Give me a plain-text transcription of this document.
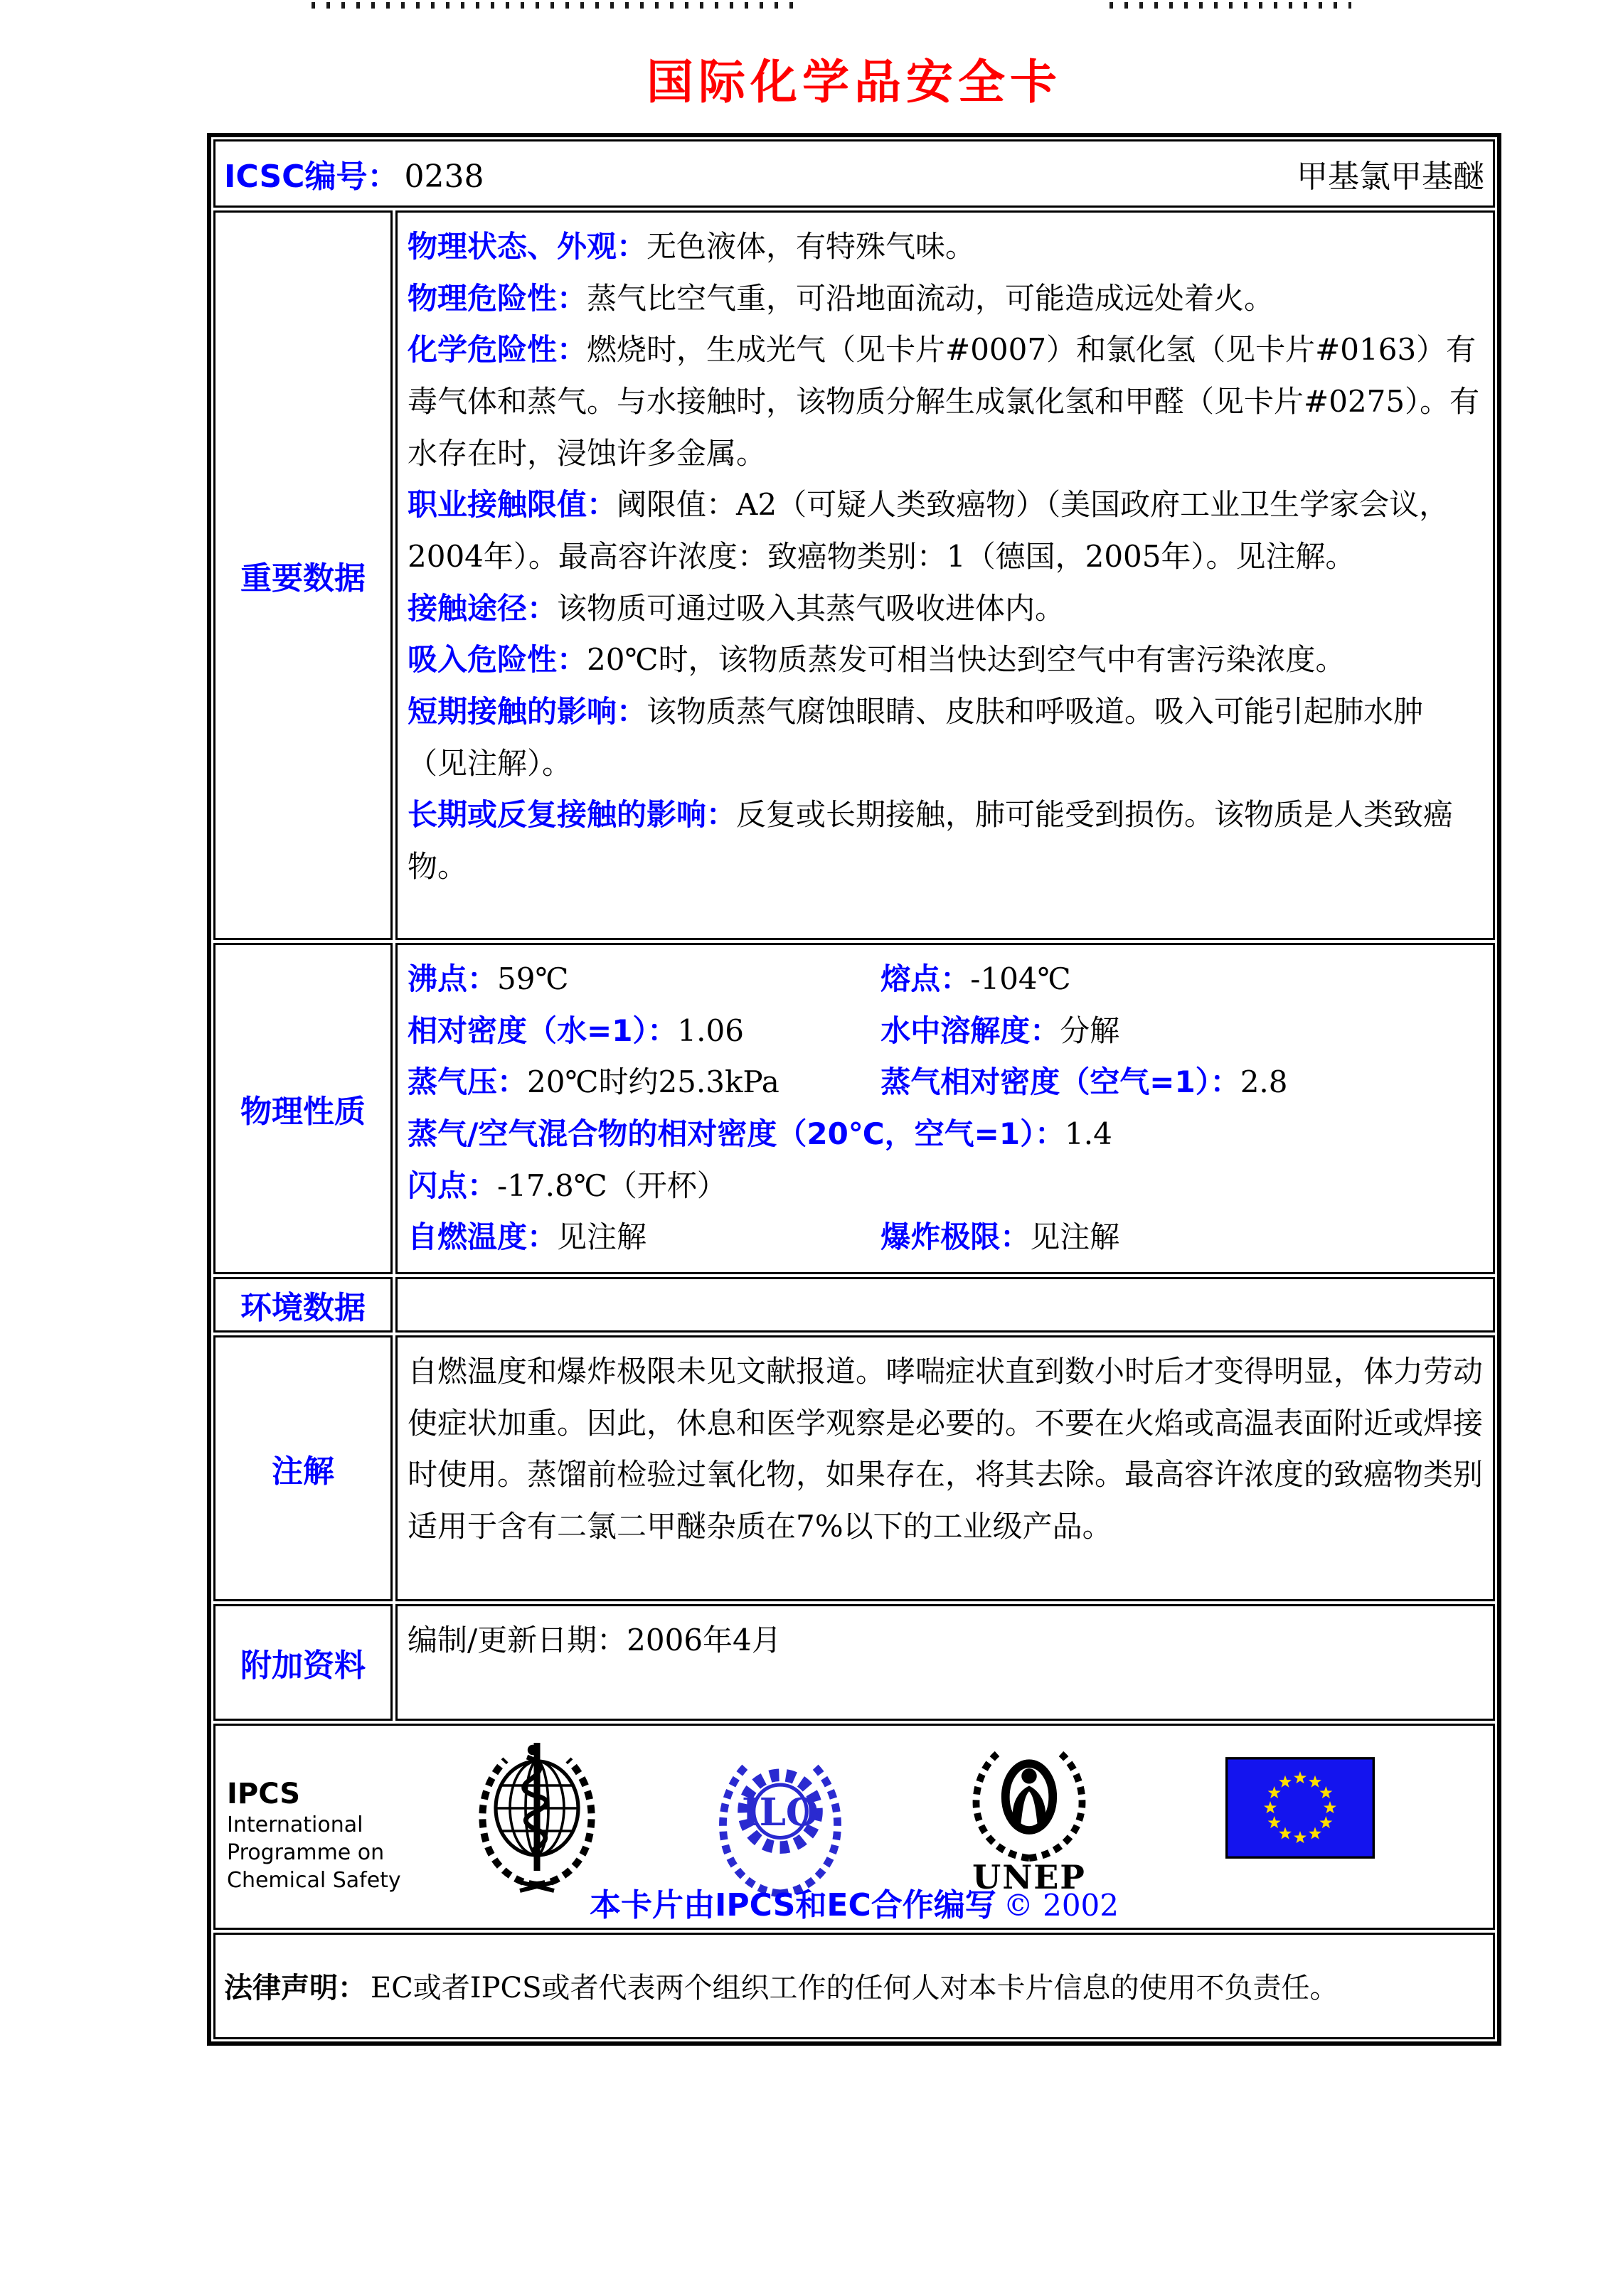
国际化学品安全卡
ICSC编号： 0238	甲基氯甲基醚
重要数据
物理状态、外观：无色液体，有特殊气味。
物理危险性：蒸气比空气重，可沿地面流动，可能造成远处着火。
化学危险性：燃烧时，生成光气（见卡片#0007）和氯化氢（见卡片#0163）有毒气体和蒸气。与水接触时，该物质分解生成氯化氢和甲醛（见卡片#0275）。有水存在时，浸蚀许多金属。
职业接触限值：阈限值：A2（可疑人类致癌物）（美国政府工业卫生学家会议，2004年）。最高容许浓度：致癌物类别：1（德国，2005年）。见注解。
接触途径：该物质可通过吸入其蒸气吸收进体内。
吸入危险性：20℃时，该物质蒸发可相当快达到空气中有害污染浓度。
短期接触的影响：该物质蒸气腐蚀眼睛、皮肤和呼吸道。吸入可能引起肺水肿（见注解）。
长期或反复接触的影响：反复或长期接触，肺可能受到损伤。该物质是人类致癌物。
物理性质
沸点：59℃	熔点：-104℃
相对密度（水=1）：1.06	水中溶解度：分解
蒸气压：20℃时约25.3kPa	蒸气相对密度（空气=1）：2.8
蒸气/空气混合物的相对密度（20℃，空气=1）：1.4
闪点：-17.8℃（开杯）
自燃温度：见注解	爆炸极限：见注解
环境数据
注解
自燃温度和爆炸极限未见文献报道。哮喘症状直到数小时后才变得明显，体力劳动使症状加重。因此，休息和医学观察是必要的。不要在火焰或高温表面附近或焊接时使用。蒸馏前检验过氧化物，如果存在，将其去除。最高容许浓度的致癌物类别适用于含有二氯二甲醚杂质在7%以下的工业级产品。
附加资料
编制/更新日期：2006年4月
IPCS
International
Programme on
Chemical Safety
ILO
UNEP
本卡片由IPCS和EC合作编写 © 2002
法律声明： EC或者IPCS或者代表两个组织工作的任何人对本卡片信息的使用不负责任。
